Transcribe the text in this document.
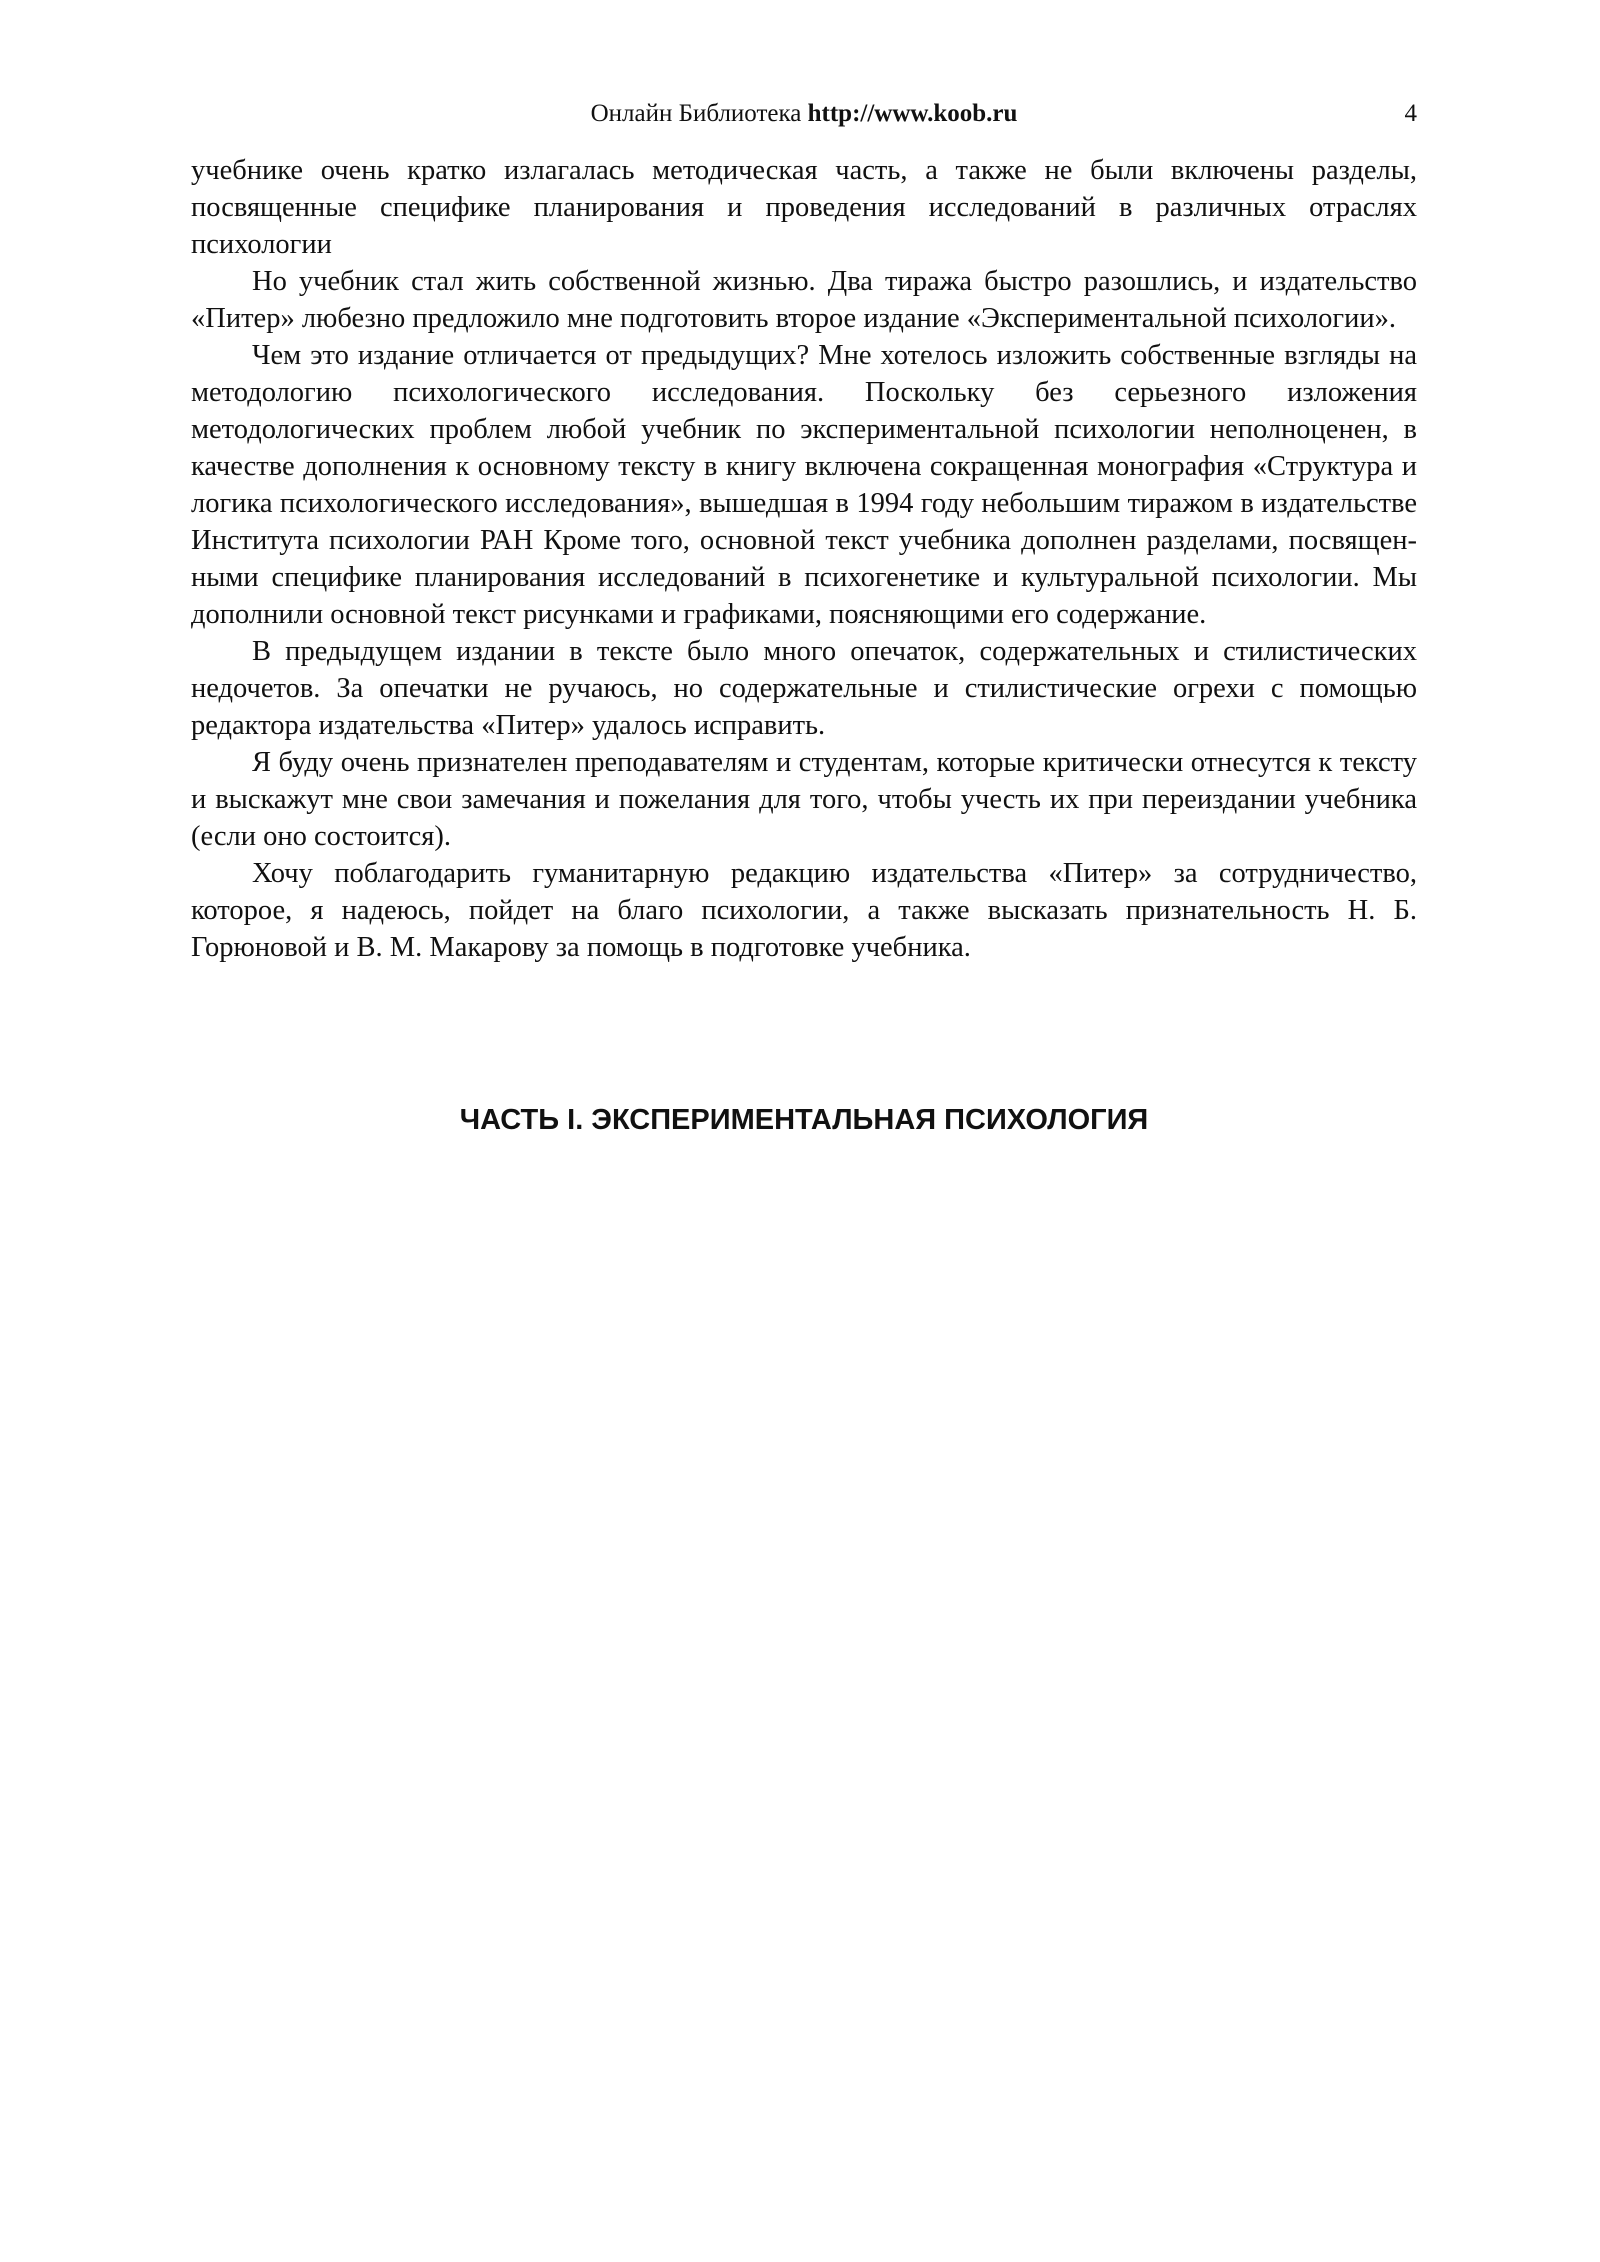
Онлайн Библиотека http://www.koob.ru	4

учебнике очень кратко излагалась методическая часть, а также не были включены разделы, посвященные специфике планирования и проведения исследований в различных отраслях психологии

Но учебник стал жить собственной жизнью. Два тиража быстро разошлись, и издательство «Питер» любезно предложило мне подготовить второе издание «Экспериментальной психологии».

Чем это издание отличается от предыдущих? Мне хотелось изложить собственные взгляды на методологию психологического исследования. Поскольку без серьезного изложения методологических проблем любой учебник по экспериментальной психологии неполноценен, в качестве дополнения к основному тексту в книгу включена сокращенная монография «Структура и логика психологического исследования», вышедшая в 1994 году небольшим тиражом в издательстве Института психологии РАН Кроме того, основной текст учебника дополнен разделами, посвященными специфике планирования исследований в психогенетике и культуральной психологии. Мы дополнили основной текст рисунками и графиками, поясняющими его содержание.

В предыдущем издании в тексте было много опечаток, содержательных и стилистических недочетов. За опечатки не ручаюсь, но содержательные и стилистические огрехи с помощью редактора издательства «Питер» удалось исправить.

Я буду очень признателен преподавателям и студентам, которые критически отнесутся к тексту и выскажут мне свои замечания и пожелания для того, чтобы учесть их при переиздании учебника (если оно состоится).

Хочу поблагодарить гуманитарную редакцию издательства «Питер» за сотрудничество, которое, я надеюсь, пойдет на благо психологии, а также высказать признательность Н. Б. Горюновой и В. М. Макарову за помощь в подготовке учебника.

ЧАСТЬ I. ЭКСПЕРИМЕНТАЛЬНАЯ ПСИХОЛОГИЯ
